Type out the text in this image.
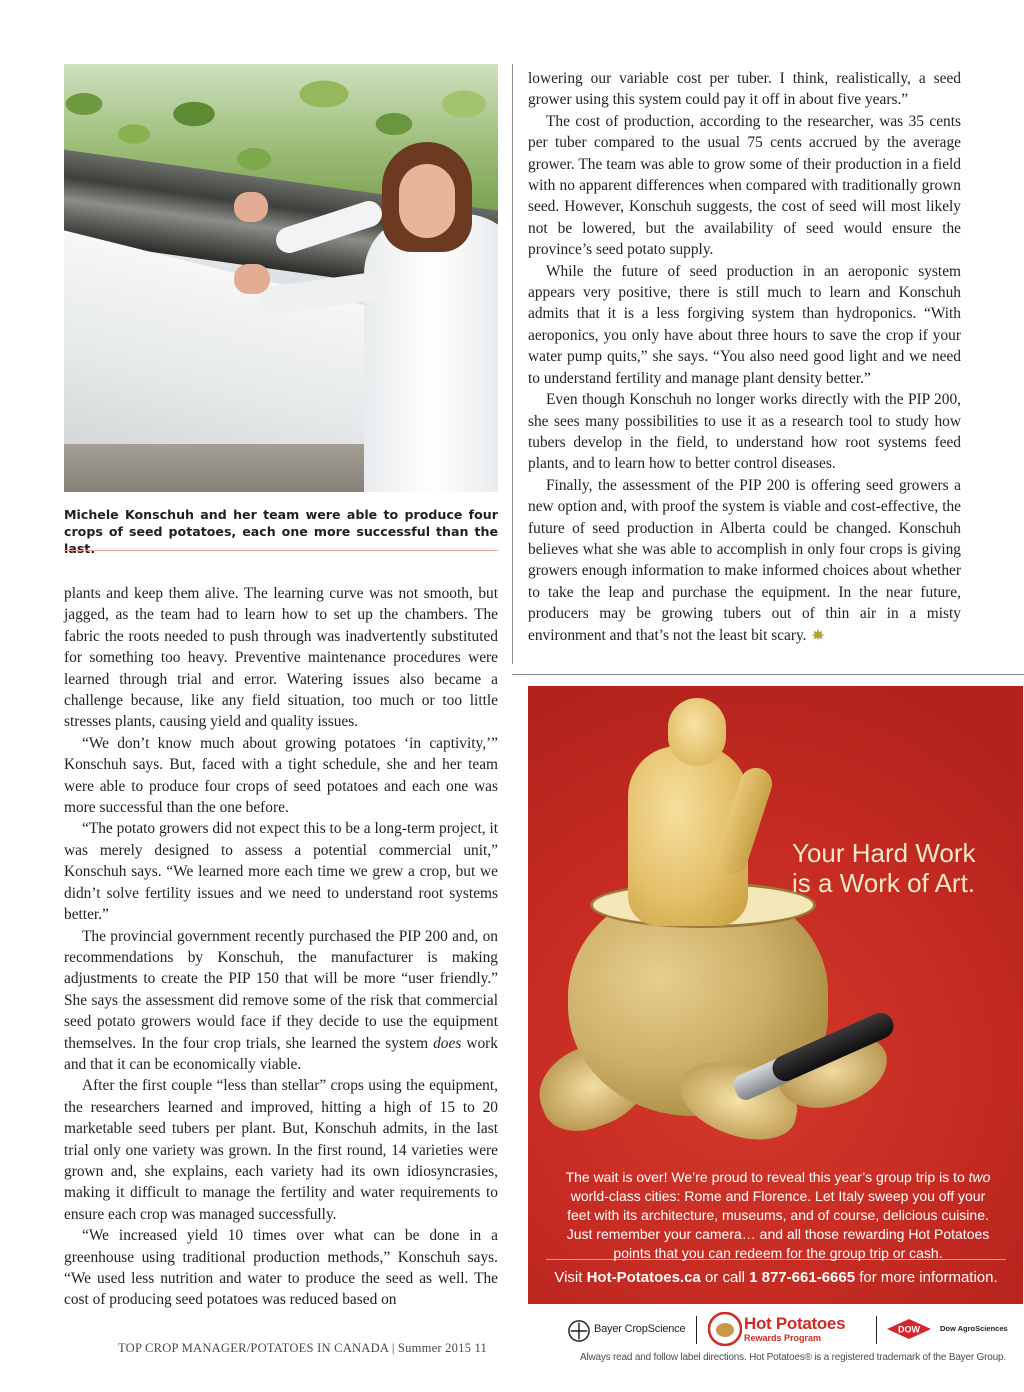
Michele Konschuh and her team were able to produce four crops of seed potatoes, each one more successful than the last.

plants and keep them alive. The learning curve was not smooth, but jagged, as the team had to learn how to set up the chambers. The fabric the roots needed to push through was inadvertently substituted for something too heavy. Preventive maintenance procedures were learned through trial and error. Watering issues also became a challenge because, like any field situation, too much or too little stresses plants, causing yield and quality issues.

“We don’t know much about growing potatoes ‘in captivity,’” Konschuh says. But, faced with a tight schedule, she and her team were able to produce four crops of seed potatoes and each one was more successful than the one before.

“The potato growers did not expect this to be a long-term project, it was merely designed to assess a potential commercial unit,” Konschuh says. “We learned more each time we grew a crop, but we didn’t solve fertility issues and we need to understand root systems better.”

The provincial government recently purchased the PIP 200 and, on recommendations by Konschuh, the manufacturer is making adjustments to create the PIP 150 that will be more “user friendly.” She says the assessment did remove some of the risk that commercial seed potato growers would face if they decide to use the equipment themselves. In the four crop trials, she learned the system does work and that it can be economically viable.

After the first couple “less than stellar” crops using the equipment, the researchers learned and improved, hitting a high of 15 to 20 marketable seed tubers per plant. But, Konschuh admits, in the last trial only one variety was grown. In the first round, 14 varieties were grown and, she explains, each variety had its own idiosyncrasies, making it difficult to manage the fertility and water requirements to ensure each crop was managed successfully.

“We increased yield 10 times over what can be done in a greenhouse using traditional production methods,” Konschuh says. “We used less nutrition and water to produce the seed as well. The cost of producing seed potatoes was reduced based on

lowering our variable cost per tuber. I think, realistically, a seed grower using this system could pay it off in about five years.”

The cost of production, according to the researcher, was 35 cents per tuber compared to the usual 75 cents accrued by the average grower. The team was able to grow some of their production in a field with no apparent differences when compared with traditionally grown seed. However, Konschuh suggests, the cost of seed will most likely not be lowered, but the availability of seed would ensure the province’s seed potato supply.

While the future of seed production in an aeroponic system appears very positive, there is still much to learn and Konschuh admits that it is a less forgiving system than hydroponics. “With aeroponics, you only have about three hours to save the crop if your water pump quits,” she says. “You also need good light and we need to understand fertility and manage plant density better.”

Even though Konschuh no longer works directly with the PIP 200, she sees many possibilities to use it as a research tool to study how tubers develop in the field, to understand how root systems feed plants, and to learn how to better control diseases.

Finally, the assessment of the PIP 200 is offering seed growers a new option and, with proof the system is viable and cost-effective, the future of seed production in Alberta could be changed. Konschuh believes what she was able to accomplish in only four crops is giving growers enough information to make informed choices about whether to take the leap and purchase the equipment. In the near future, producers may be growing tubers out of thin air in a misty environment and that’s not the least bit scary.

Your Hard Work
is a Work of Art.
The wait is over! We’re proud to reveal this year’s group trip is to two world-class cities: Rome and Florence. Let Italy sweep you off your feet with its architecture, museums, and of course, delicious cuisine. Just remember your camera… and all those rewarding Hot Potatoes points that you can redeem for the group trip or cash.
Visit Hot-Potatoes.ca or call 1 877-661-6665 for more information.
Bayer CropScience	Hot Potatoes
Rewards Program
DOW	Dow AgroSciences
Always read and follow label directions. Hot Potatoes® is a registered trademark of the Bayer Group.
TOP CROP MANAGER/POTATOES IN CANADA | Summer 2015 11
